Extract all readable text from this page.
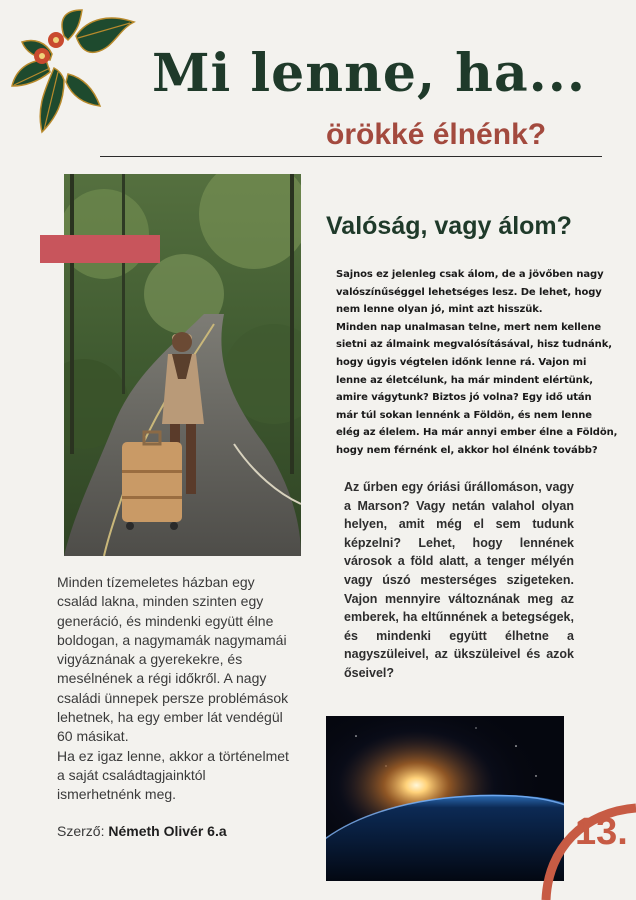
Mi lenne, ha...
örökké élnénk?
Valóság, vagy álom?
Sajnos ez jelenleg csak álom, de a jövőben nagy
valószínűséggel lehetséges lesz. De lehet, hogy
nem lenne olyan jó, mint azt hisszük.
Minden nap unalmasan telne, mert nem kellene
sietni az álmaink megvalósításával, hisz tudnánk,
hogy úgyis végtelen időnk lenne rá. Vajon mi
lenne az életcélunk, ha már mindent elértünk,
amire vágytunk? Biztos jó volna? Egy idő után
már túl sokan lennénk a Földön, és nem lenne
elég az élelem. Ha már annyi ember élne a Földön,
hogy nem férnénk el, akkor hol élnénk tovább?
Az űrben egy óriási űrállomáson, vagy a Marson? Vagy netán valahol olyan helyen, amit még el sem tudunk képzelni? Lehet, hogy lennének városok a föld alatt, a tenger mélyén vagy úszó mesterséges szigeteken. Vajon mennyire változnának meg az emberek, ha eltűnnének a betegségek, és mindenki együtt élhetne a nagyszüleivel, az ükszüleivel és azok őseivel?
Minden tízemeletes házban egy
család lakna, minden szinten egy
generáció, és mindenki együtt élne
boldogan, a nagymamák nagymamái
vigyáznának a gyerekekre, és
mesélnének a régi időkről. A nagy
családi ünnepek persze problémások
lehetnek, ha egy ember lát vendégül
60 másikat.
Ha ez igaz lenne, akkor a történelmet
a saját családtagjainktól
ismerhetnénk meg.
Szerző: Németh Olivér 6.a	13.
